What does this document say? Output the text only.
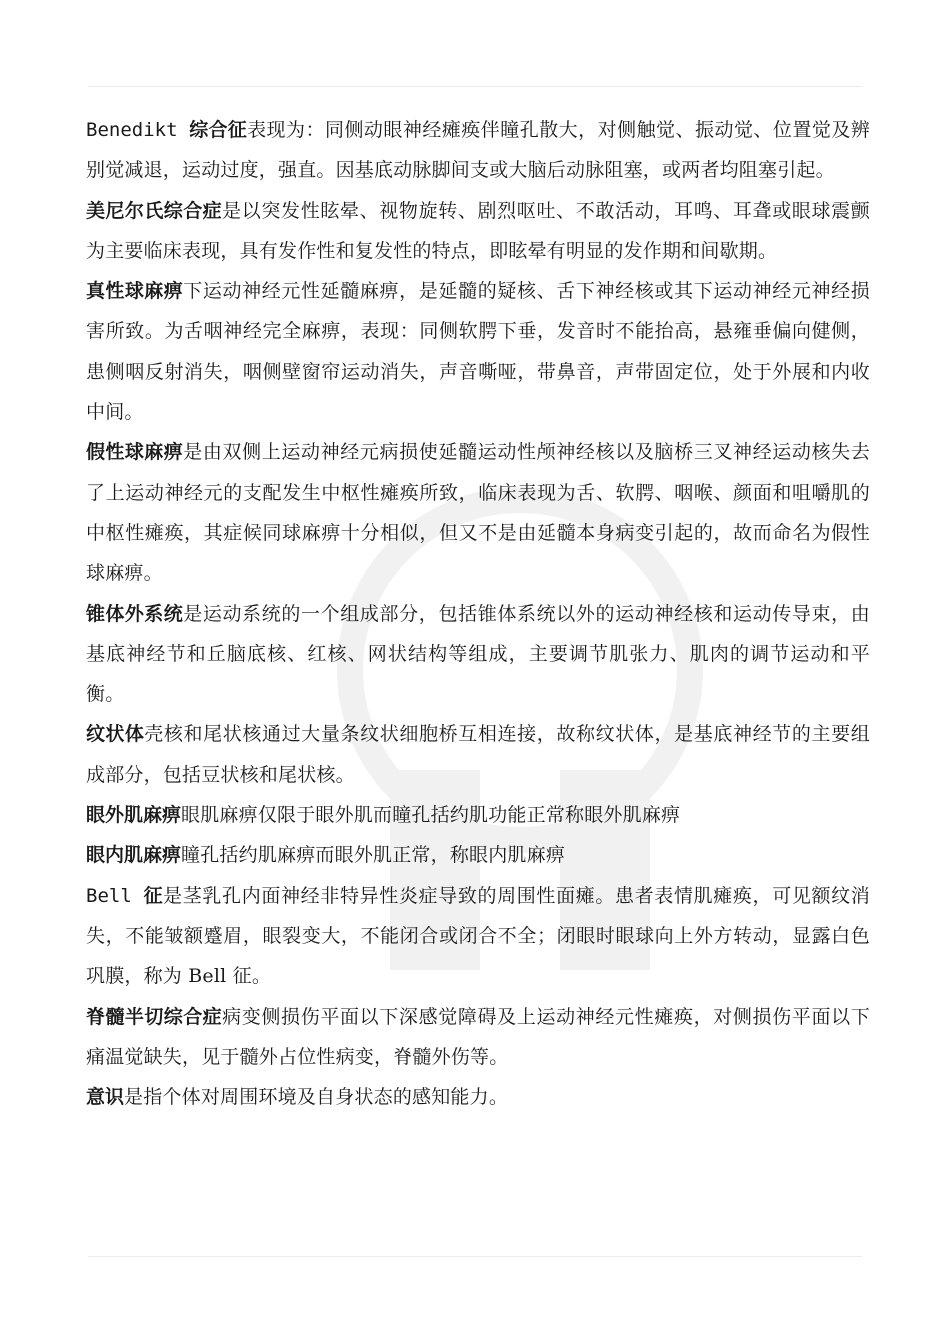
Benedikt 综合征表现为：同侧动眼神经瘫痪伴瞳孔散大，对侧触觉、振动觉、位置觉及辨别觉减退，运动过度，强直。因基底动脉脚间支或大脑后动脉阻塞，或两者均阻塞引起。

美尼尔氏综合症是以突发性眩晕、视物旋转、剧烈呕吐、不敢活动，耳鸣、耳聋或眼球震颤为主要临床表现，具有发作性和复发性的特点，即眩晕有明显的发作期和间歇期。

真性球麻痹下运动神经元性延髓麻痹，是延髓的疑核、舌下神经核或其下运动神经元神经损害所致。为舌咽神经完全麻痹，表现：同侧软腭下垂，发音时不能抬高，悬雍垂偏向健侧，患侧咽反射消失，咽侧壁窗帘运动消失，声音嘶哑，带鼻音，声带固定位，处于外展和内收中间。

假性球麻痹是由双侧上运动神经元病损使延髓运动性颅神经核以及脑桥三叉神经运动核失去了上运动神经元的支配发生中枢性瘫痪所致，临床表现为舌、软腭、咽喉、颜面和咀嚼肌的中枢性瘫痪，其症候同球麻痹十分相似，但又不是由延髓本身病变引起的，故而命名为假性球麻痹。

锥体外系统是运动系统的一个组成部分，包括锥体系统以外的运动神经核和运动传导束，由基底神经节和丘脑底核、红核、网状结构等组成，主要调节肌张力、肌肉的调节运动和平衡。

纹状体壳核和尾状核通过大量条纹状细胞桥互相连接，故称纹状体，是基底神经节的主要组成部分，包括豆状核和尾状核。

眼外肌麻痹眼肌麻痹仅限于眼外肌而瞳孔括约肌功能正常称眼外肌麻痹

眼内肌麻痹瞳孔括约肌麻痹而眼外肌正常，称眼内肌麻痹

Bell 征是茎乳孔内面神经非特异性炎症导致的周围性面瘫。患者表情肌瘫痪，可见额纹消失，不能皱额蹙眉，眼裂变大，不能闭合或闭合不全；闭眼时眼球向上外方转动，显露白色巩膜，称为 Bell 征。

脊髓半切综合症病变侧损伤平面以下深感觉障碍及上运动神经元性瘫痪，对侧损伤平面以下痛温觉缺失，见于髓外占位性病变，脊髓外伤等。

意识是指个体对周围环境及自身状态的感知能力。
